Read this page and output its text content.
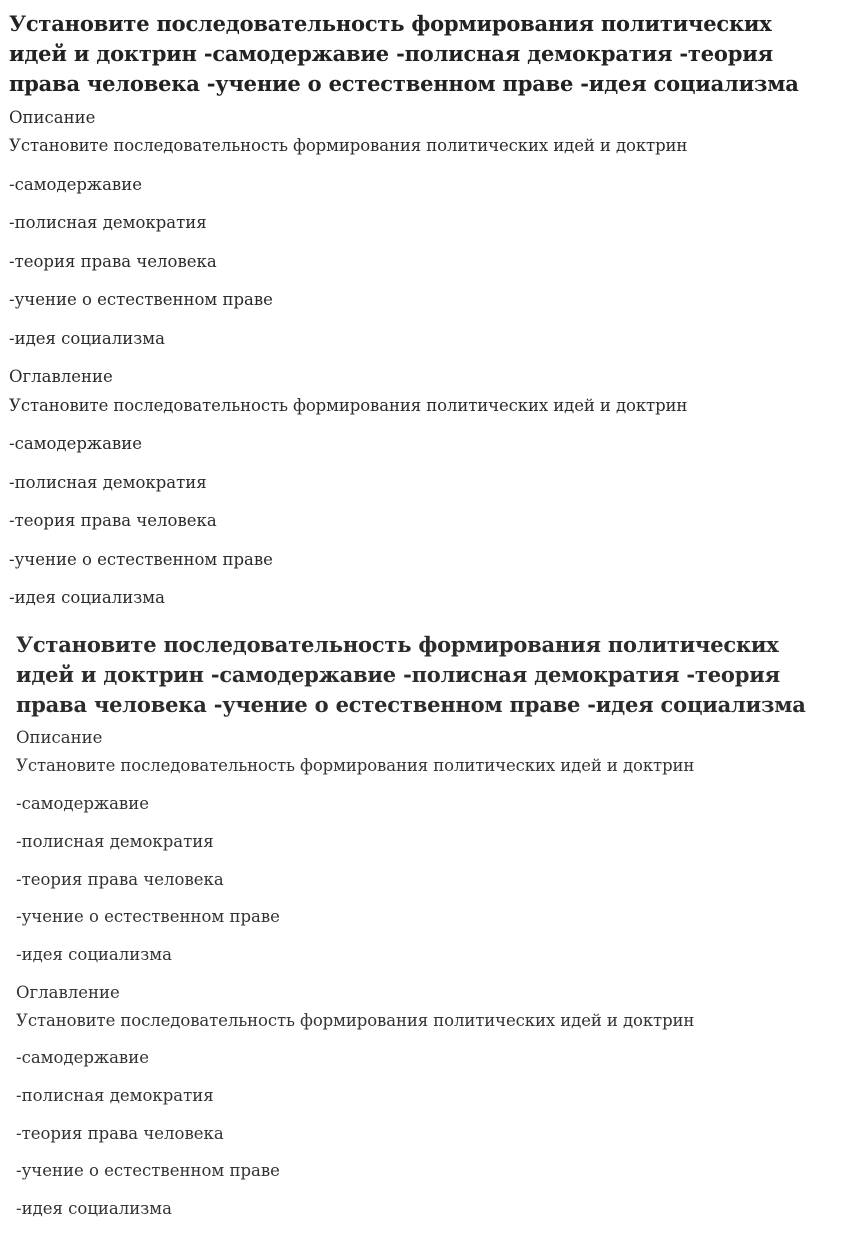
Установите последовательность формирования политических
идей и доктрин -самодержавие -полисная демократия -теория
права человека -учение о естественном праве -идея социализма
Описание
Установите последовательность формирования политических идей и доктрин
-самодержавие
-полисная демократия
-теория права человека
-учение о естественном праве
-идея социализма
Оглавление
Установите последовательность формирования политических идей и доктрин
-самодержавие
-полисная демократия
-теория права человека
-учение о естественном праве
-идея социализма
Установите последовательность формирования политических
идей и доктрин -самодержавие -полисная демократия -теория
права человека -учение о естественном праве -идея социализма
Описание
Установите последовательность формирования политических идей и доктрин
-самодержавие
-полисная демократия
-теория права человека
-учение о естественном праве
-идея социализма
Оглавление
Установите последовательность формирования политических идей и доктрин
-самодержавие
-полисная демократия
-теория права человека
-учение о естественном праве
-идея социализма
